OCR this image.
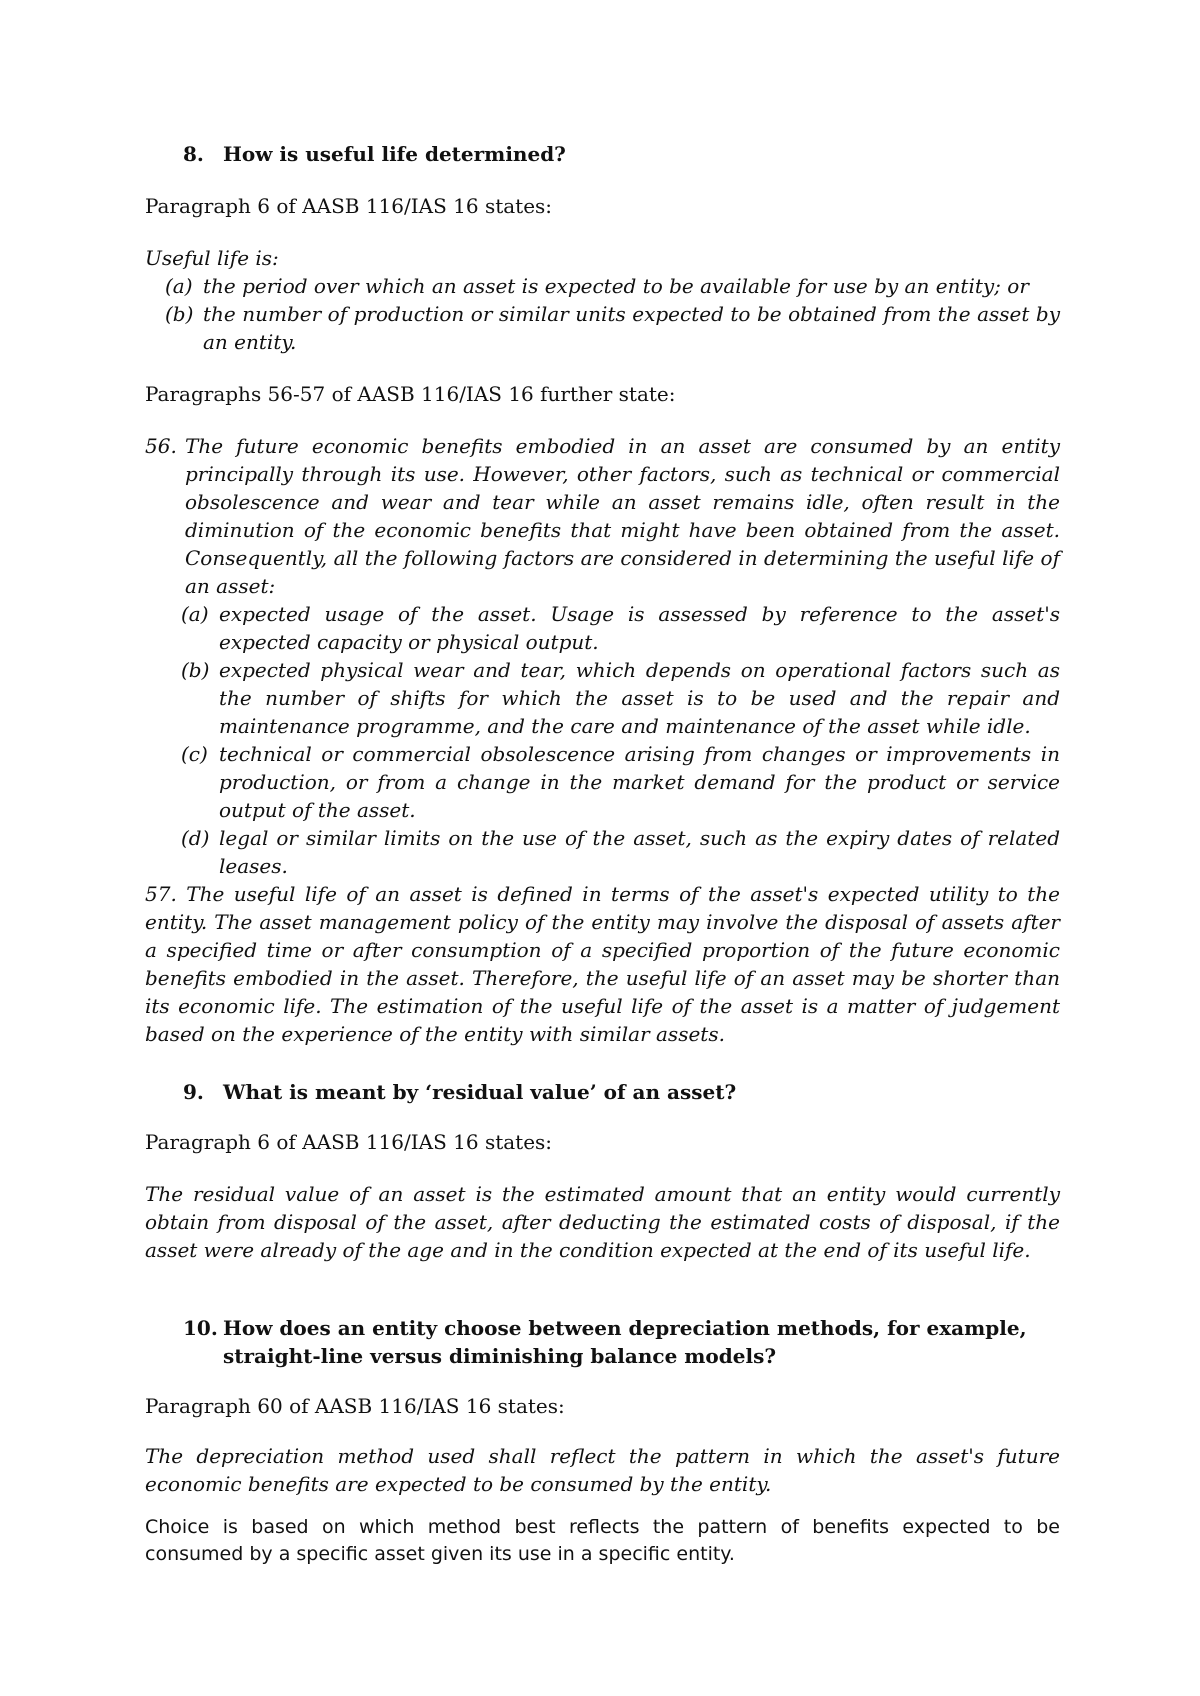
8. How is useful life determined?

Paragraph 6 of AASB 116/IAS 16 states:

Useful life is:

(a) the period over which an asset is expected to be available for use by an entity; or
(b) the number of production or similar units expected to be obtained from the asset by an entity.

Paragraphs 56-57 of AASB 116/IAS 16 further state:

56. The future economic benefits embodied in an asset are consumed by an entity principally through its use. However, other factors, such as technical or commercial obsolescence and wear and tear while an asset remains idle, often result in the diminution of the economic benefits that might have been obtained from the asset. Consequently, all the following factors are considered in determining the useful life of an asset:
(a) expected usage of the asset. Usage is assessed by reference to the asset's expected capacity or physical output.
(b) expected physical wear and tear, which depends on operational factors such as the number of shifts for which the asset is to be used and the repair and maintenance programme, and the care and maintenance of the asset while idle.
(c) technical or commercial obsolescence arising from changes or improvements in production, or from a change in the market demand for the product or service output of the asset.
(d) legal or similar limits on the use of the asset, such as the expiry dates of related leases.

57. The useful life of an asset is defined in terms of the asset's expected utility to the entity. The asset management policy of the entity may involve the disposal of assets after a specified time or after consumption of a specified proportion of the future economic benefits embodied in the asset. Therefore, the useful life of an asset may be shorter than its economic life. The estimation of the useful life of the asset is a matter of judgement based on the experience of the entity with similar assets.

9. What is meant by ‘residual value’ of an asset?

Paragraph 6 of AASB 116/IAS 16 states:

The residual value of an asset is the estimated amount that an entity would currently obtain from disposal of the asset, after deducting the estimated costs of disposal, if the asset were already of the age and in the condition expected at the end of its useful life.

10. How does an entity choose between depreciation methods, for example, straight-line versus diminishing balance models?

Paragraph 60 of AASB 116/IAS 16 states:

The depreciation method used shall reflect the pattern in which the asset's future economic benefits are expected to be consumed by the entity.

Choice is based on which method best reflects the pattern of benefits expected to be consumed by a specific asset given its use in a specific entity.
